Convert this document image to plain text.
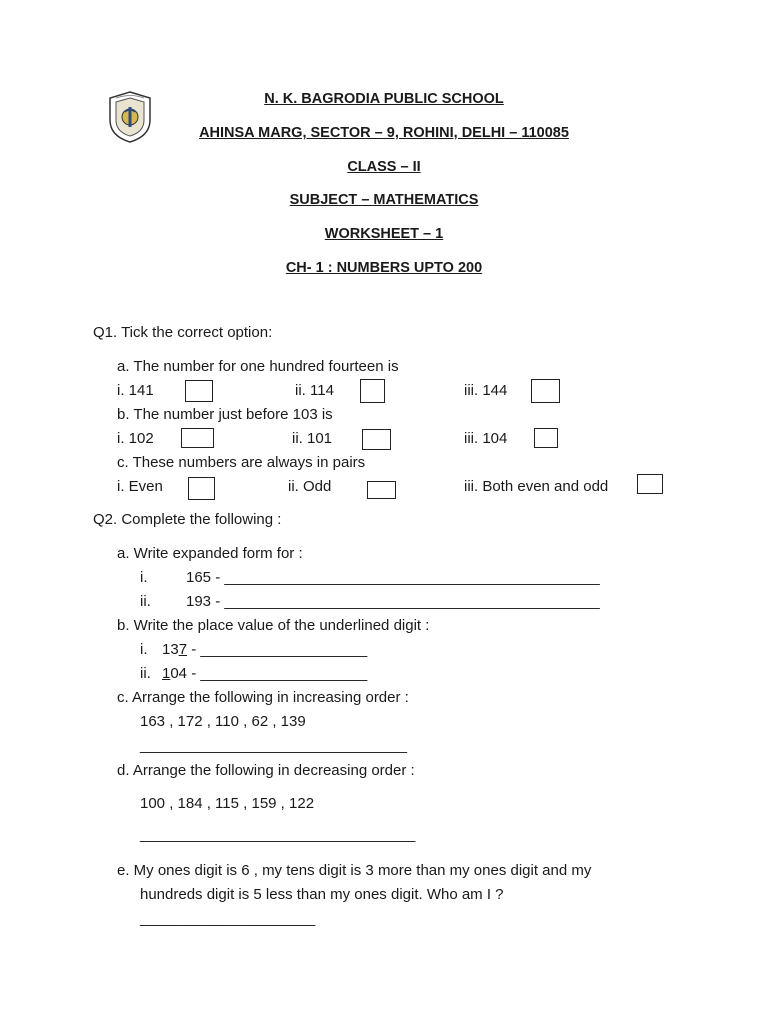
N. K. BAGRODIA PUBLIC SCHOOL
AHINSA MARG, SECTOR – 9, ROHINI, DELHI – 110085
CLASS – II
SUBJECT – MATHEMATICS
WORKSHEET – 1
CH- 1 : NUMBERS UPTO 200
Q1. Tick the correct option:
a. The number for one hundred fourteen is
i. 141	ii. 114	iii. 144
b. The number just before 103 is
i. 102	ii. 101	iii. 104
c. These numbers are always in pairs
i. Even	ii. Odd	iii. Both even and odd
Q2. Complete the following :
a. Write expanded form for :
i.	165 - _____________________________________________
ii. 193 - _____________________________________________
b. Write the place value of the underlined digit :
i. 137 - ____________________
ii. 104 - ____________________
c. Arrange the following in increasing order :
163 , 172 , 110 , 62 , 139
________________________________
d. Arrange the following in decreasing order :
100 , 184 , 115 , 159 , 122
_________________________________
e. My ones digit is 6 , my tens digit is 3 more than my ones digit and my
hundreds digit is 5 less than my ones digit. Who am I ?
_____________________
